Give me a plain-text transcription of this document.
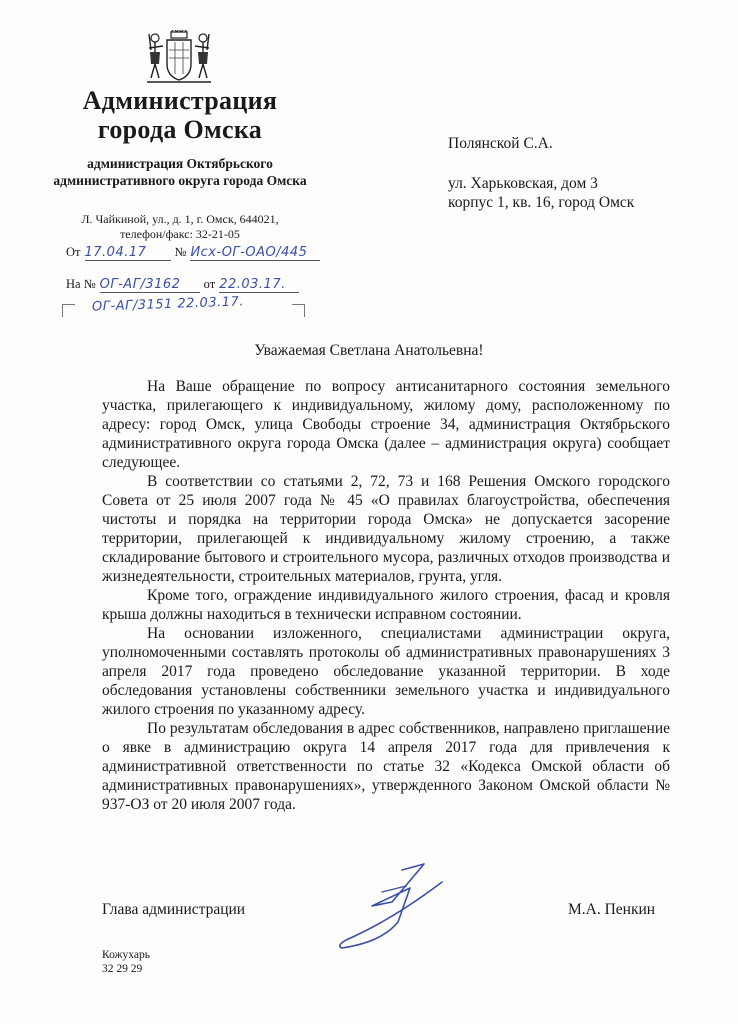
Администрация города Омска
администрация Октябрьского административного округа города Омска
Л. Чайкиной, ул., д. 1, г. Омск, 644021,
телефон/факс: 32-21-05
От 17.04.17 № Исх-ОГ-ОАО/445
На № ОГ-АГ/3162 от 22.03.17.
ОГ-АГ/3151 22.03.17.
Полянской С.А.
ул. Харьковская, дом 3
корпус 1, кв. 16, город Омск
Уважаемая Светлана Анатольевна!

На Ваше обращение по вопросу антисанитарного состояния земельного участка, прилегающего к индивидуальному, жилому дому, расположенному по адресу: город Омск, улица Свободы строение 34, администрация Октябрьского административного округа города Омска (далее – администрация округа) сообщает следующее.

В соответствии со статьями 2, 72, 73 и 168 Решения Омского городского Совета от 25 июля 2007 года № 45 «О правилах благоустройства, обеспечения чистоты и порядка на территории города Омска» не допускается засорение территории, прилегающей к индивидуальному жилому строению, а также складирование бытового и строительного мусора, различных отходов производства и жизнедеятельности, строительных материалов, грунта, угля.

Кроме того, ограждение индивидуального жилого строения, фасад и кровля крыша должны находиться в технически исправном состоянии.

На основании изложенного, специалистами администрации округа, уполномоченными составлять протоколы об административных правонарушениях 3 апреля 2017 года проведено обследование указанной территории. В ходе обследования установлены собственники земельного участка и индивидуального жилого строения по указанному адресу.

По результатам обследования в адрес собственников, направлено приглашение о явке в администрацию округа 14 апреля 2017 года для привлечения к административной ответственности по статье 32 «Кодекса Омской области об административных правонарушениях», утвержденного Законом Омской области № 937-ОЗ от 20 июля 2007 года.

Глава администрации	М.А. Пенкин
Кожухарь
32 29 29
